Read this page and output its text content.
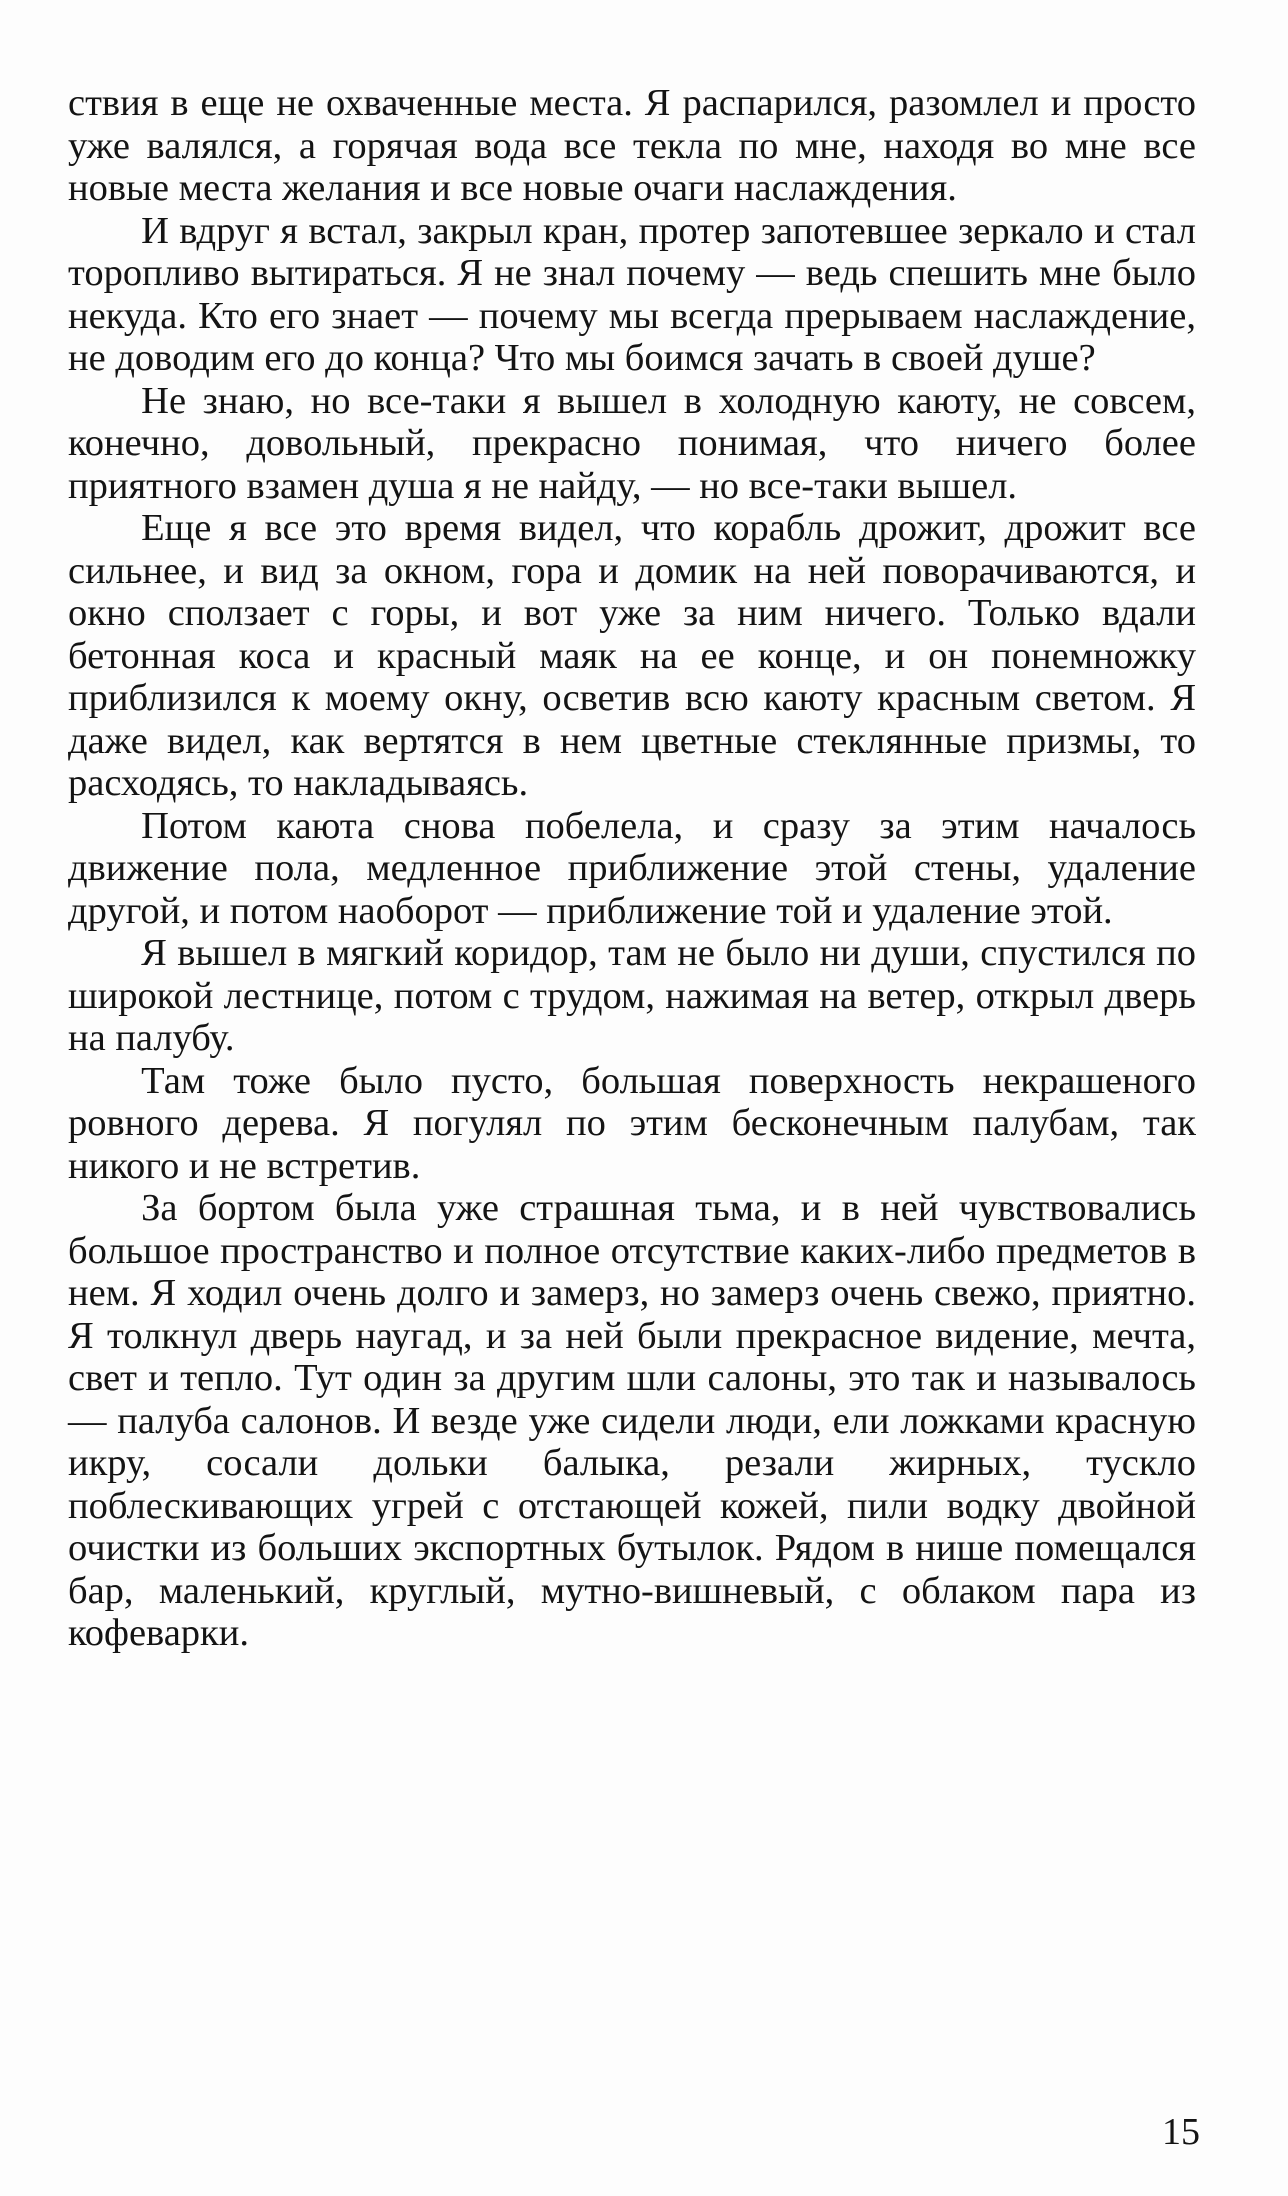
ствия в еще не охваченные места. Я распарился, разомлел и просто уже валялся, а горячая вода все текла по мне, находя во мне все новые места желания и все новые очаги наслаждения.

И вдруг я встал, закрыл кран, протер запотевшее зеркало и стал торопливо вытираться. Я не знал почему — ведь спешить мне было некуда. Кто его знает — почему мы всегда прерываем наслаждение, не доводим его до конца? Что мы боимся зачать в своей душе?

Не знаю, но все-таки я вышел в холодную каюту, не совсем, конечно, довольный, прекрасно понимая, что ничего более приятного взамен душа я не найду, — но все-таки вышел.

Еще я все это время видел, что корабль дрожит, дрожит все сильнее, и вид за окном, гора и домик на ней поворачиваются, и окно сползает с горы, и вот уже за ним ничего. Только вдали бетонная коса и красный маяк на ее конце, и он понемножку приблизился к моему окну, осветив всю каюту красным светом. Я даже видел, как вертятся в нем цветные стеклянные призмы, то расходясь, то накладываясь.

Потом каюта снова побелела, и сразу за этим началось движение пола, медленное приближение этой стены, удаление другой, и потом наоборот — приближение той и удаление этой.

Я вышел в мягкий коридор, там не было ни души, спустился по широкой лестнице, потом с трудом, нажимая на ветер, открыл дверь на палубу.

Там тоже было пусто, большая поверхность некрашеного ровного дерева. Я погулял по этим бесконечным палубам, так никого и не встретив.

За бортом была уже страшная тьма, и в ней чувствовались большое пространство и полное отсутствие каких-либо предметов в нем. Я ходил очень долго и замерз, но замерз очень свежо, приятно. Я толкнул дверь наугад, и за ней были прекрасное видение, мечта, свет и тепло. Тут один за другим шли салоны, это так и называлось — палуба салонов. И везде уже сидели люди, ели ложками красную икру, сосали дольки балыка, резали жирных, тускло поблескивающих угрей с отстающей кожей, пили водку двойной очистки из больших экспортных бутылок. Рядом в нише помещался бар, маленький, круглый, мутно-вишневый, с облаком пара из кофеварки.

15
